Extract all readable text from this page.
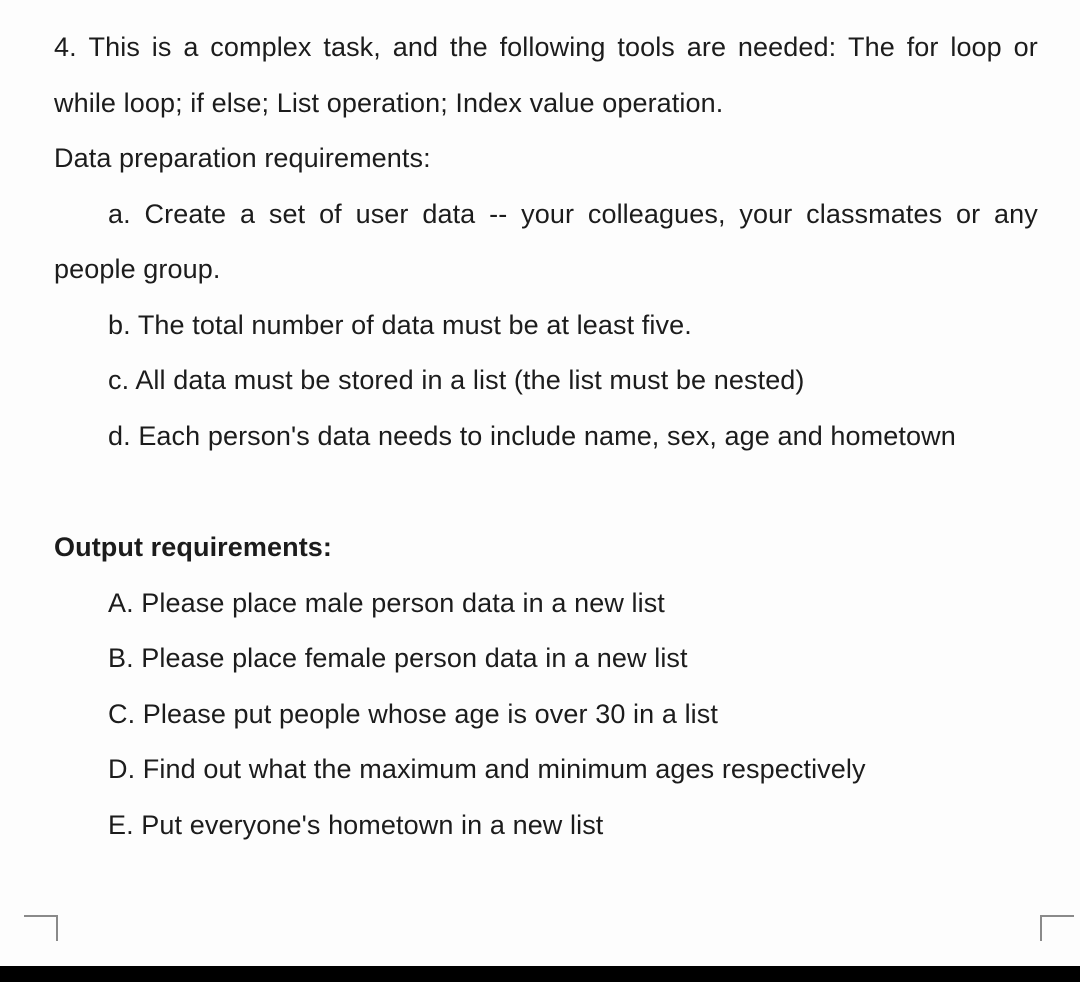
4. This is a complex task, and the following tools are needed: The for loop or
while loop; if else; List operation; Index value operation.
Data preparation requirements:
a. Create a set of user data -- your colleagues, your classmates or any
people group.
b. The total number of data must be at least five.
c. All data must be stored in a list (the list must be nested)
d. Each person's data needs to include name, sex, age and hometown
Output requirements:
A. Please place male person data in a new list
B. Please place female person data in a new list
C. Please put people whose age is over 30 in a list
D. Find out what the maximum and minimum ages respectively
E. Put everyone's hometown in a new list
